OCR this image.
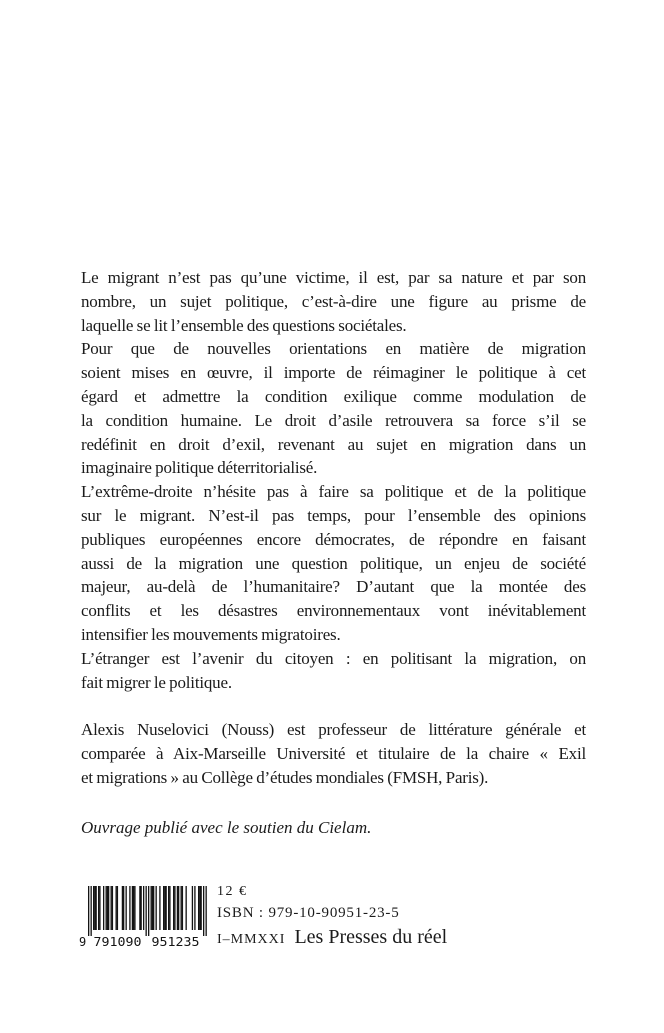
Le migrant n’est pas qu’une victime, il est, par sa nature et par son
nombre, un sujet politique, c’est-à-dire une figure au prisme de
laquelle se lit l’ensemble des questions sociétales.
Pour que de nouvelles orientations en matière de migration
soient mises en œuvre, il importe de réimaginer le politique à cet
égard et admettre la condition exilique comme modulation de
la condition humaine. Le droit d’asile retrouvera sa force s’il se
redéfinit en droit d’exil, revenant au sujet en migration dans un
imaginaire politique déterritorialisé.
L’extrême-droite n’hésite pas à faire sa politique et de la politique
sur le migrant. N’est-il pas temps, pour l’ensemble des opinions
publiques européennes encore démocrates, de répondre en faisant
aussi de la migration une question politique, un enjeu de société
majeur, au-delà de l’humanitaire? D’autant que la montée des
conflits et les désastres environnementaux vont inévitablement
intensifier les mouvements migratoires.
L’étranger est l’avenir du citoyen : en politisant la migration, on
fait migrer le politique.
Alexis Nuselovici (Nouss) est professeur de littérature générale et
comparée à Aix-Marseille Université et titulaire de la chaire « Exil
et migrations » au Collège d’études mondiales (FMSH, Paris).
Ouvrage publié avec le soutien du Cielam.
9 791090 951235
12 €
ISBN : 979-10-90951-23-5
I–MMXXI Les Presses du réel
